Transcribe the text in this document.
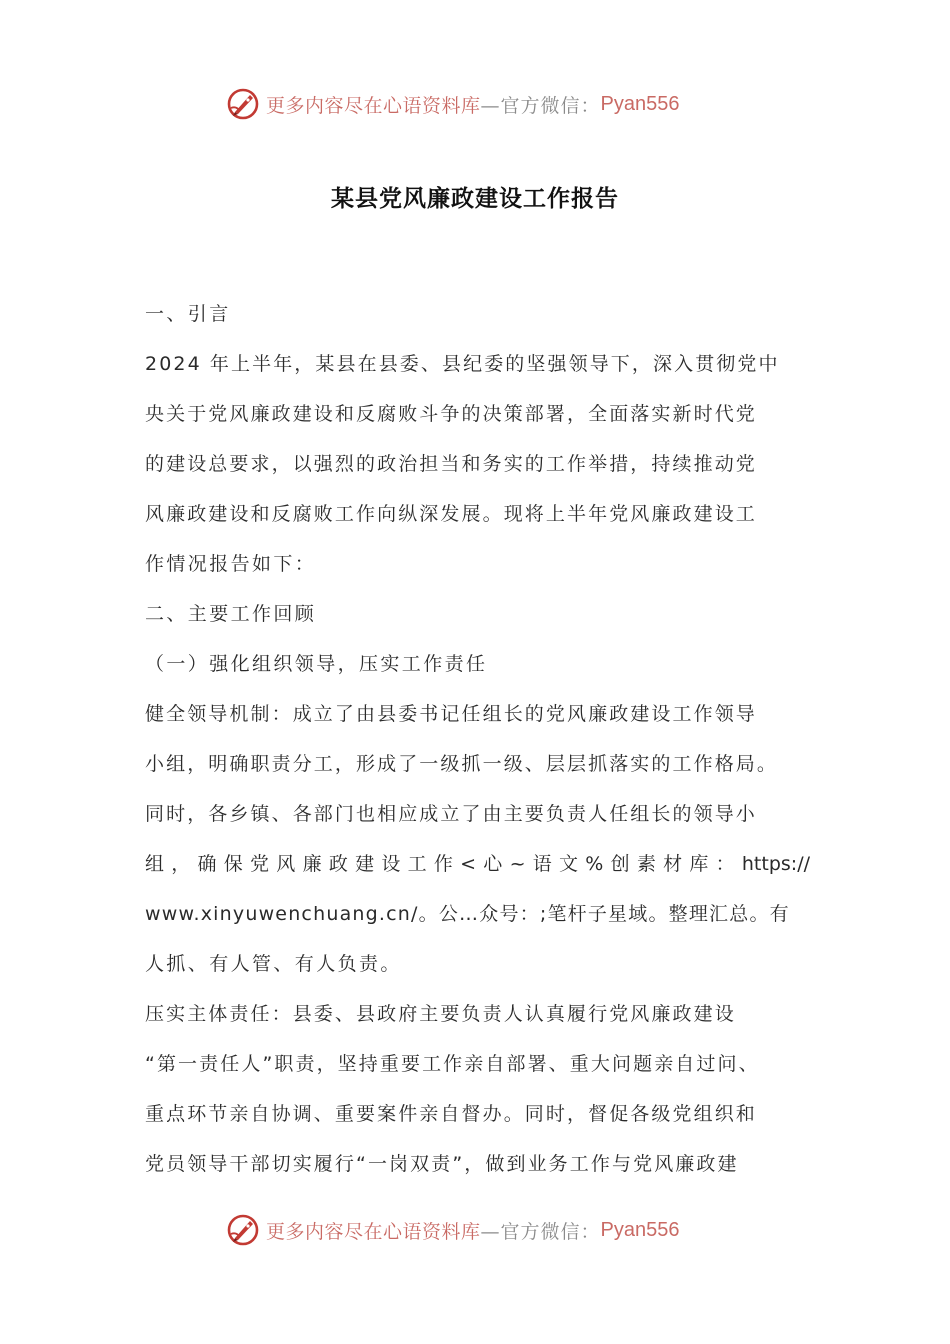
更多内容尽在心语资料库 —官方微信： Pyan556
某县党风廉政建设工作报告
一、引言
2024 年上半年，某县在县委、县纪委的坚强领导下，深入贯彻党中
央关于党风廉政建设和反腐败斗争的决策部署，全面落实新时代党
的建设总要求，以强烈的政治担当和务实的工作举措，持续推动党
风廉政建设和反腐败工作向纵深发展。现将上半年党风廉政建设工
作情况报告如下：
二、主要工作回顾
（一）强化组织领导，压实工作责任
健全领导机制：成立了由县委书记任组长的党风廉政建设工作领导
小组，明确职责分工，形成了一级抓一级、层层抓落实的工作格局。
同时，各乡镇、各部门也相应成立了由主要负责人任组长的领导小
组，确保党风廉政建设工作<心~语文%创素材库：https://
www.xinyuwenchuang.cn/。公…众号：;笔杆子星域。整理汇总。有
人抓、有人管、有人负责。
压实主体责任：县委、县政府主要负责人认真履行党风廉政建设
“第一责任人”职责，坚持重要工作亲自部署、重大问题亲自过问、
重点环节亲自协调、重要案件亲自督办。同时，督促各级党组织和
党员领导干部切实履行“一岗双责”，做到业务工作与党风廉政建
更多内容尽在心语资料库 —官方微信： Pyan556
